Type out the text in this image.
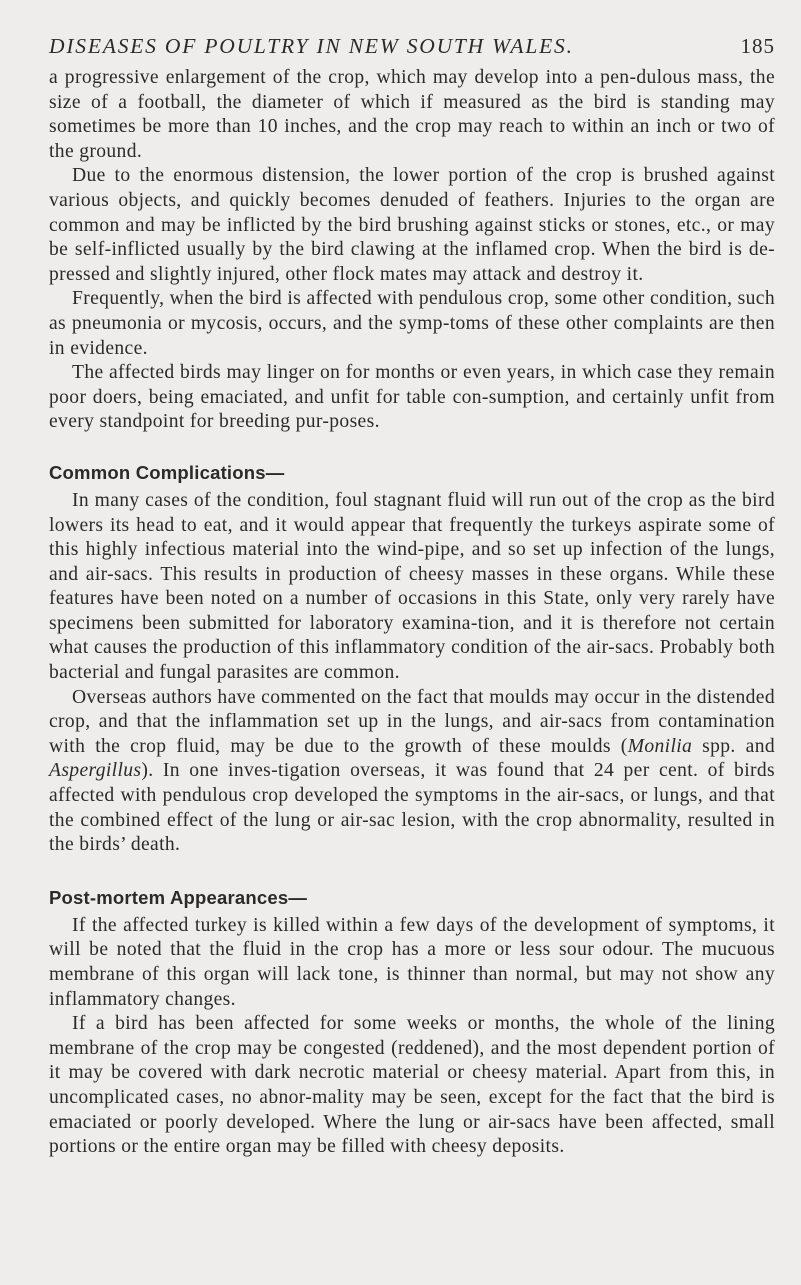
DISEASES OF POULTRY IN NEW SOUTH WALES.	185

a progressive enlargement of the crop, which may develop into a pen-dulous mass, the size of a football, the diameter of which if measured as the bird is standing may sometimes be more than 10 inches, and the crop may reach to within an inch or two of the ground.

Due to the enormous distension, the lower portion of the crop is brushed against various objects, and quickly becomes denuded of feathers. Injuries to the organ are common and may be inflicted by the bird brushing against sticks or stones, etc., or may be self-inflicted usually by the bird clawing at the inflamed crop. When the bird is de-pressed and slightly injured, other flock mates may attack and destroy it.

Frequently, when the bird is affected with pendulous crop, some other condition, such as pneumonia or mycosis, occurs, and the symp-toms of these other complaints are then in evidence.

The affected birds may linger on for months or even years, in which case they remain poor doers, being emaciated, and unfit for table con-sumption, and certainly unfit from every standpoint for breeding pur-poses.

Common Complications—

In many cases of the condition, foul stagnant fluid will run out of the crop as the bird lowers its head to eat, and it would appear that frequently the turkeys aspirate some of this highly infectious material into the wind-pipe, and so set up infection of the lungs, and air-sacs. This results in production of cheesy masses in these organs. While these features have been noted on a number of occasions in this State, only very rarely have specimens been submitted for laboratory examina-tion, and it is therefore not certain what causes the production of this inflammatory condition of the air-sacs. Probably both bacterial and fungal parasites are common.

Overseas authors have commented on the fact that moulds may occur in the distended crop, and that the inflammation set up in the lungs, and air-sacs from contamination with the crop fluid, may be due to the growth of these moulds (Monilia spp. and Aspergillus). In one inves-tigation overseas, it was found that 24 per cent. of birds affected with pendulous crop developed the symptoms in the air-sacs, or lungs, and that the combined effect of the lung or air-sac lesion, with the crop abnormality, resulted in the birds’ death.

Post-mortem Appearances—

If the affected turkey is killed within a few days of the development of symptoms, it will be noted that the fluid in the crop has a more or less sour odour. The mucuous membrane of this organ will lack tone, is thinner than normal, but may not show any inflammatory changes.

If a bird has been affected for some weeks or months, the whole of the lining membrane of the crop may be congested (reddened), and the most dependent portion of it may be covered with dark necrotic material or cheesy material. Apart from this, in uncomplicated cases, no abnor-mality may be seen, except for the fact that the bird is emaciated or poorly developed. Where the lung or air-sacs have been affected, small portions or the entire organ may be filled with cheesy deposits.
